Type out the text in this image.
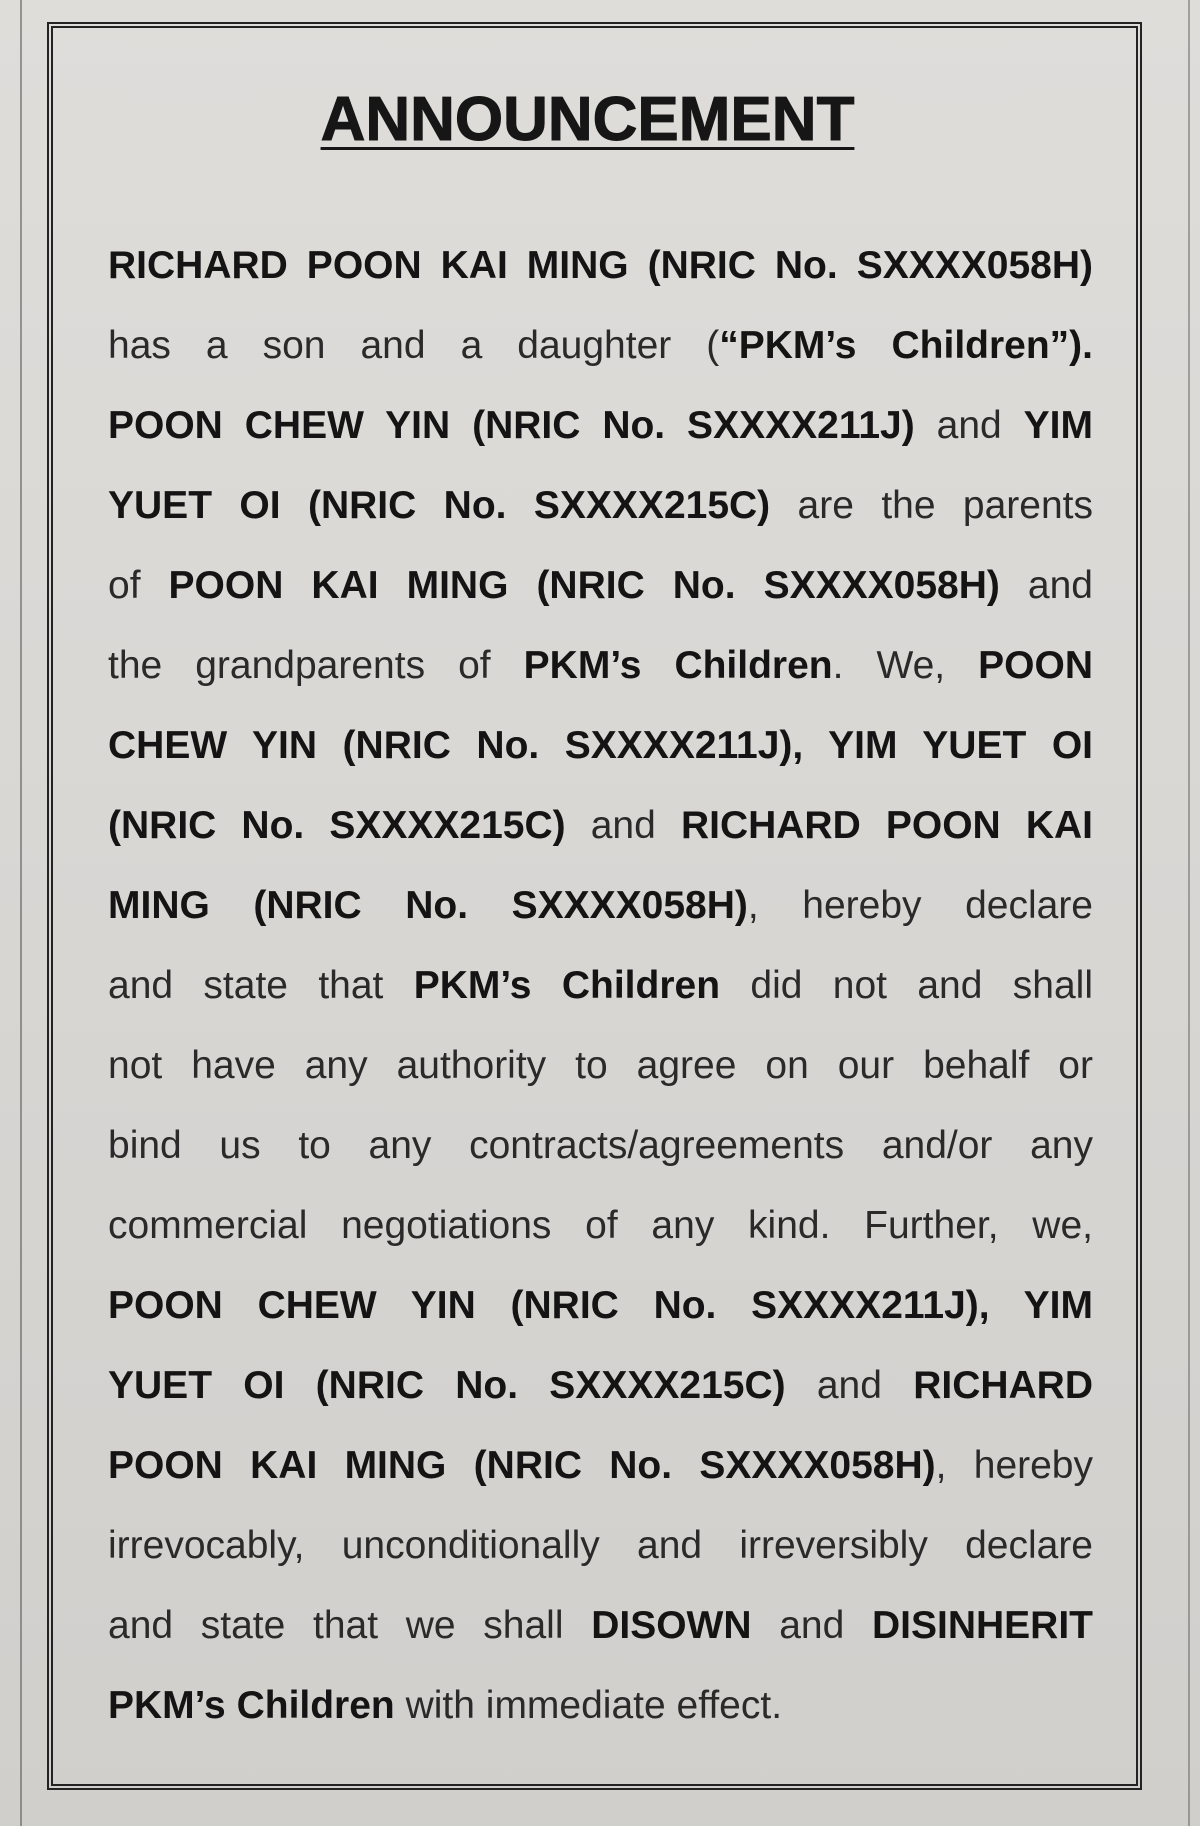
ANNOUNCEMENT
RICHARD POON KAI MING (NRIC No. SXXXX058H)
has a son and a daughter (“PKM’s Children”).
POON CHEW YIN (NRIC No. SXXXX211J) and YIM
YUET OI (NRIC No. SXXXX215C) are the parents
of POON KAI MING (NRIC No. SXXXX058H) and
the grandparents of PKM’s Children. We, POON
CHEW YIN (NRIC No. SXXXX211J), YIM YUET OI
(NRIC No. SXXXX215C) and RICHARD POON KAI
MING (NRIC No. SXXXX058H), hereby declare
and state that PKM’s Children did not and shall
not have any authority to agree on our behalf or
bind us to any contracts/agreements and/or any
commercial negotiations of any kind. Further, we,
POON CHEW YIN (NRIC No. SXXXX211J), YIM
YUET OI (NRIC No. SXXXX215C) and RICHARD
POON KAI MING (NRIC No. SXXXX058H), hereby
irrevocably, unconditionally and irreversibly declare
and state that we shall DISOWN and DISINHERIT
PKM’s Children with immediate effect.
